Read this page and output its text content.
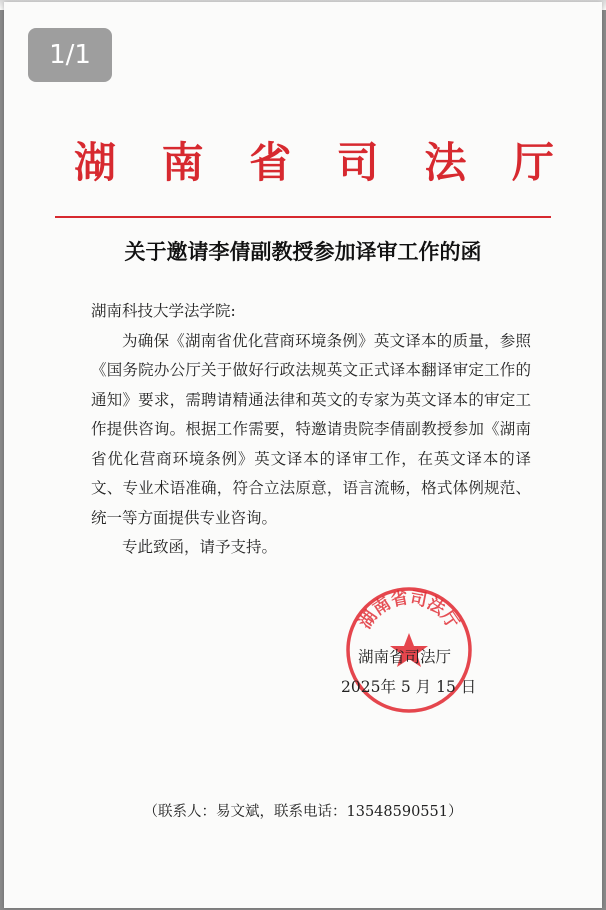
1/1
湖 南 省 司 法 厅
关于邀请李倩副教授参加译审工作的函

湖南科技大学法学院:

为确保《湖南省优化营商环境条例》英文译本的质量，参照《国务院办公厅关于做好行政法规英文正式译本翻译审定工作的通知》要求，需聘请精通法律和英文的专家为英文译本的审定工作提供咨询。根据工作需要，特邀请贵院李倩副教授参加《湖南省优化营商环境条例》英文译本的译审工作，在英文译本的译文、专业术语准确，符合立法原意，语言流畅，格式体例规范、统一等方面提供专业咨询。

专此致函，请予支持。

湖南省司法厅
湖南省司法厅
2025年 5 月 15 日
（联系人：易文斌，联系电话：13548590551）
